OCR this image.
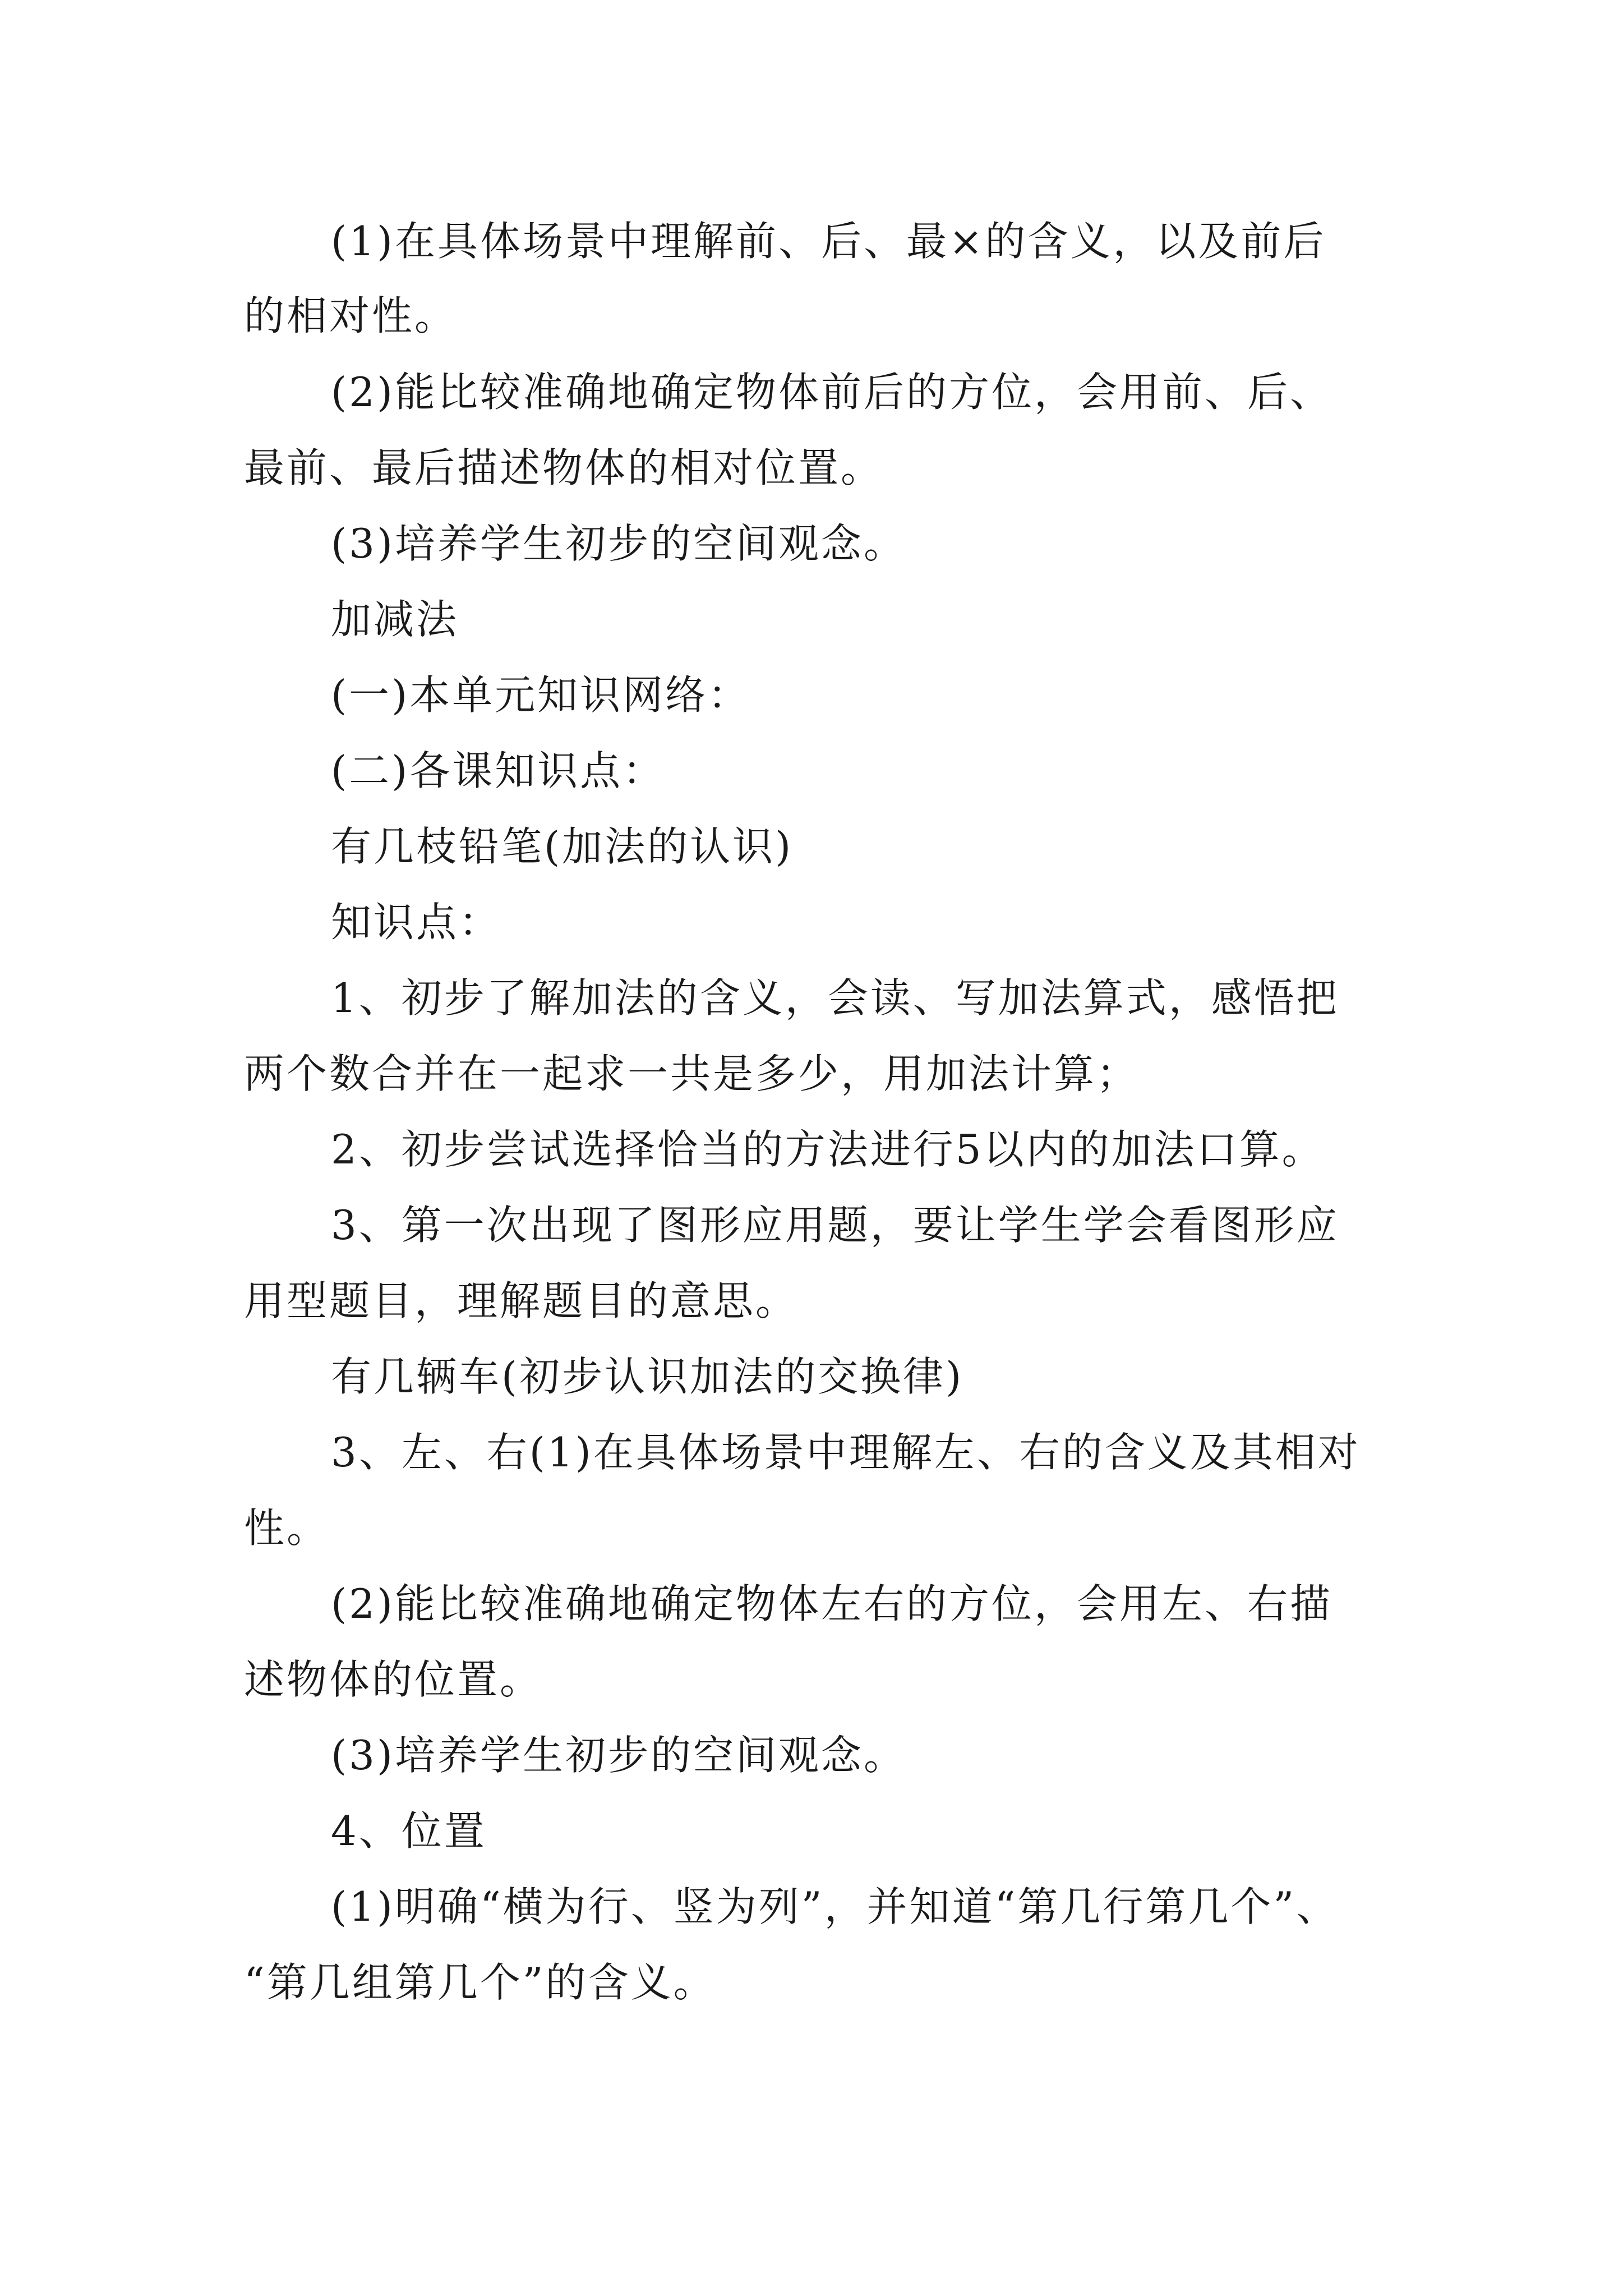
(1)在具体场景中理解前、后、最×的含义，以及前后

的相对性。

(2)能比较准确地确定物体前后的方位，会用前、后、

最前、最后描述物体的相对位置。

(3)培养学生初步的空间观念。

加减法

(一)本单元知识网络：

(二)各课知识点：

有几枝铅笔(加法的认识)

知识点：

1、初步了解加法的含义，会读、写加法算式，感悟把

两个数合并在一起求一共是多少，用加法计算；

2、初步尝试选择恰当的方法进行5以内的加法口算。

3、第一次出现了图形应用题，要让学生学会看图形应

用型题目，理解题目的意思。

有几辆车(初步认识加法的交换律)

3、左、右(1)在具体场景中理解左、右的含义及其相对

性。

(2)能比较准确地确定物体左右的方位，会用左、右描

述物体的位置。

(3)培养学生初步的空间观念。

4、位置

(1)明确“横为行、竖为列”，并知道“第几行第几个”、

“第几组第几个”的含义。
